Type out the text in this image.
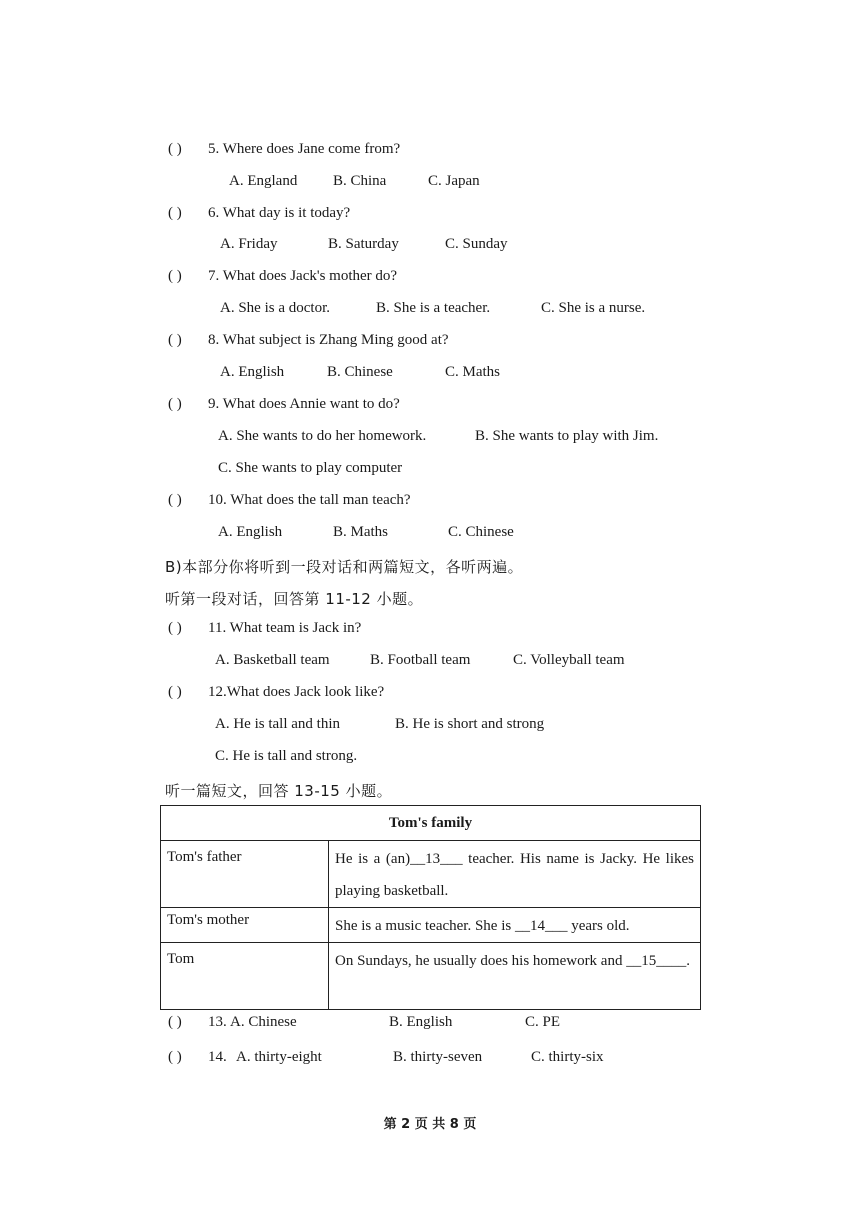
( ) 5. Where does Jane come from?
A. England B. China	C. Japan
( ) 6. What day is it today?
A. Friday	B. Saturday	C. Sunday
( ) 7. What does Jack's mother do?
A. She is a doctor.	B. She is a teacher.	C. She is a nurse.
( ) 8. What subject is Zhang Ming good at?
A. English	B. Chinese	C. Maths
( ) 9. What does Annie want to do?
A. She wants to do her homework.	B. She wants to play with Jim.
C. She wants to play computer
( ) 10. What does the tall man teach?
A. English	B. Maths	C. Chinese
B)本部分你将听到一段对话和两篇短文，各听两遍。
听第一段对话，回答第 11-12 小题。
( ) 11. What team is Jack in?
A. Basketball team	B. Football team	C. Volleyball team
( ) 12.What does Jack look like?
A. He is tall and thin	B. He is short and strong
C. He is tall and strong.
听一篇短文，回答 13-15 小题。
Tom's family	
Tom's father	He is a (an)__13___ teacher. His name is Jacky. He likes playing basketball.
Tom's mother	She is a music teacher. She is __14___ years old.
Tom	On Sundays, he usually does his homework and __15____.
( ) 13. A. Chinese	B. English	C. PE
( ) 14. A. thirty-eight	B. thirty-seven	C. thirty-six
第 2 页 共 8 页
